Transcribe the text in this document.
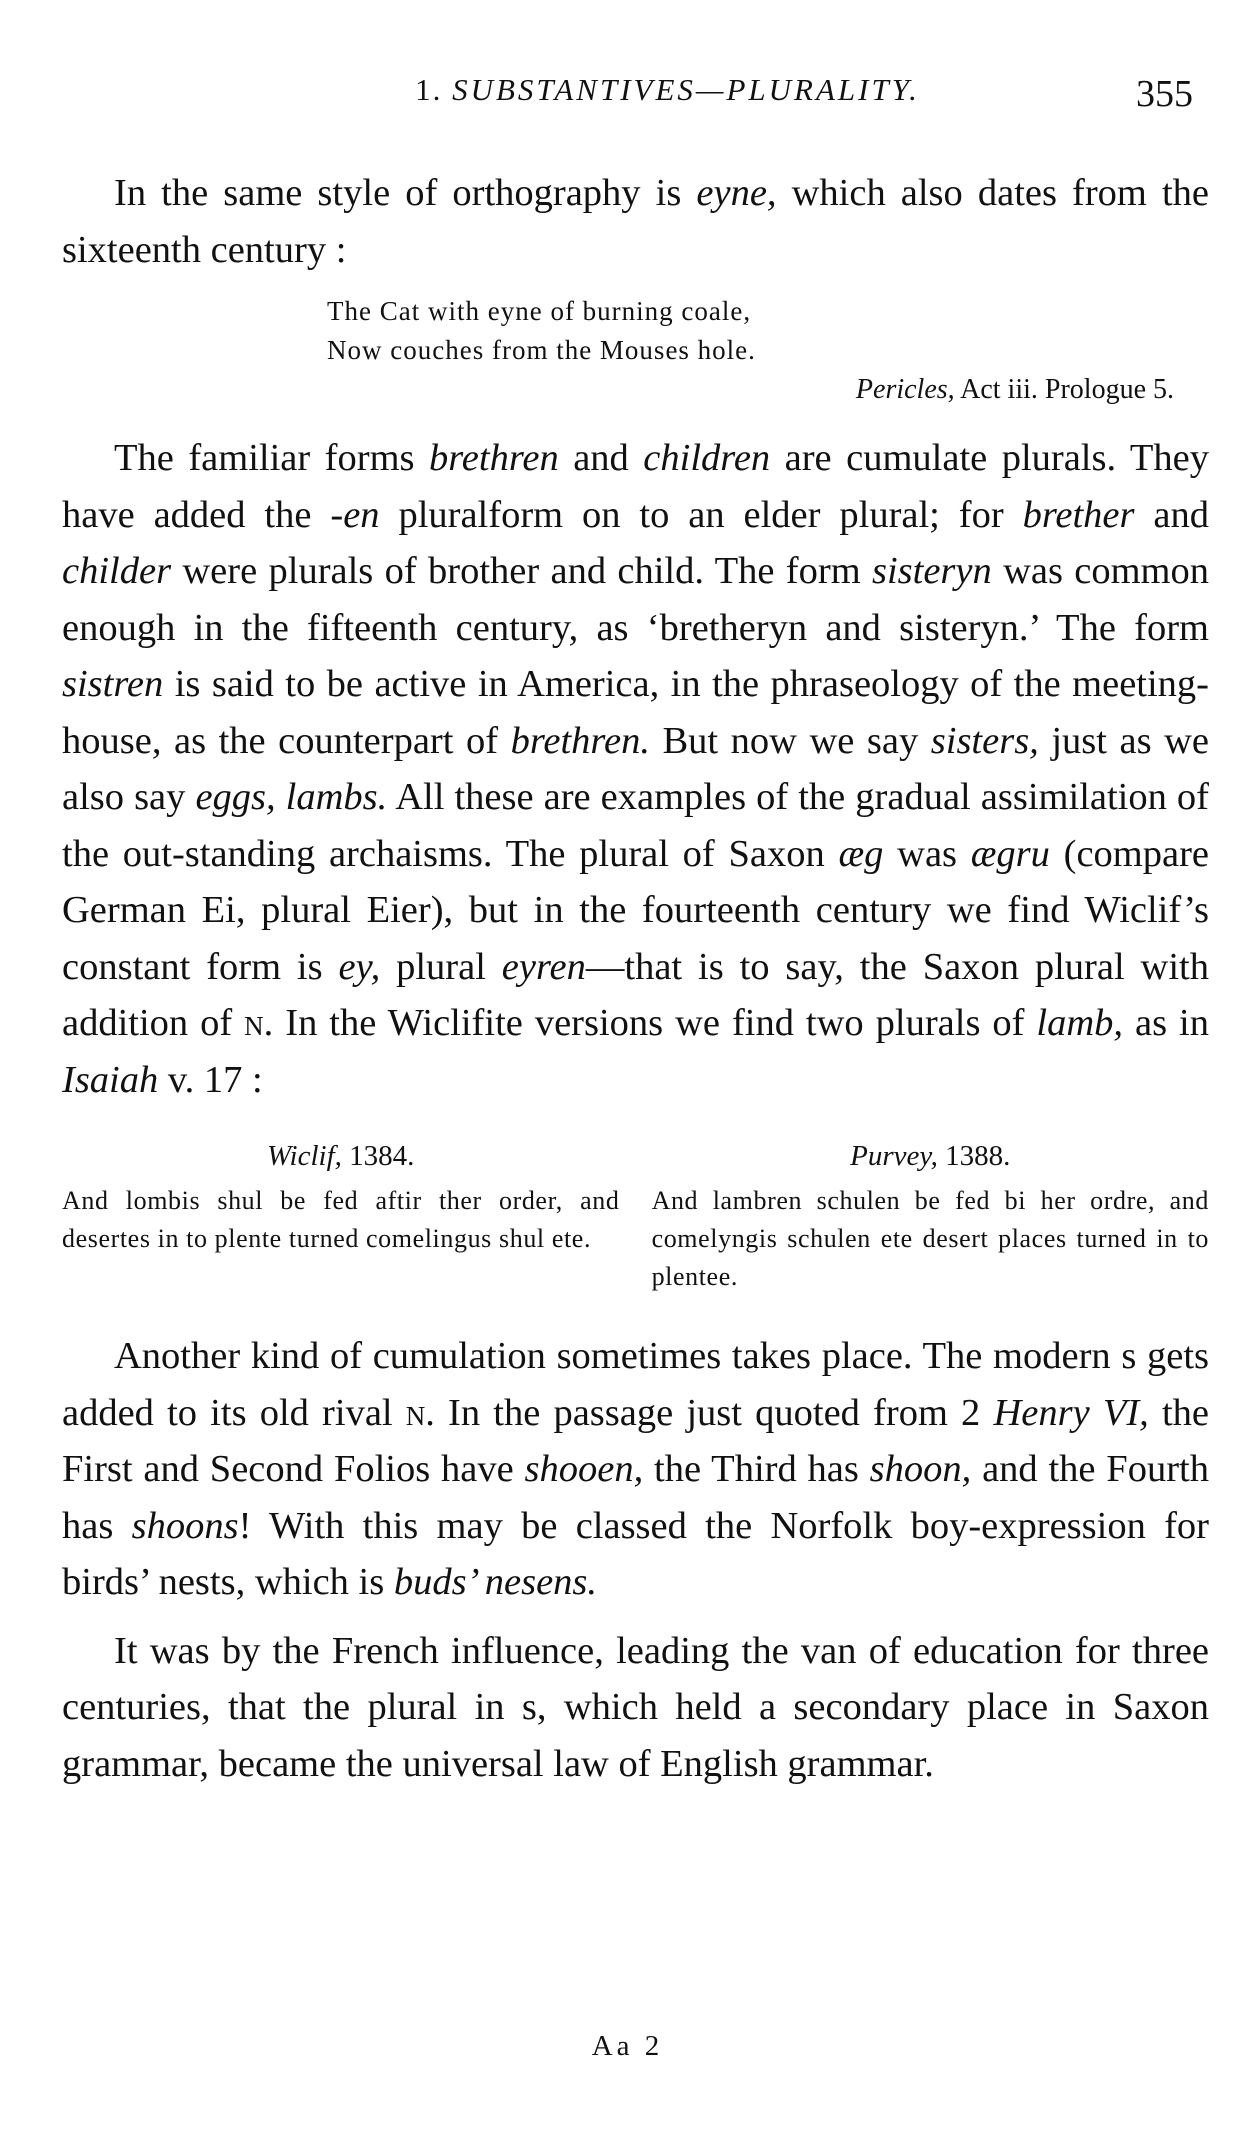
1. SUBSTANTIVES—PLURALITY.	355

In the same style of orthography is eyne, which also dates from the sixteenth century :

The Cat with eyne of burning coale,
Now couches from the Mouses hole.
Pericles, Act iii. Prologue 5.

The familiar forms brethren and children are cumulate plurals. They have added the -en pluralform on to an elder plural; for brether and childer were plurals of brother and child. The form sisteryn was common enough in the fifteenth century, as ‘bretheryn and sisteryn.’ The form sistren is said to be active in America, in the phraseology of the meeting-house, as the counterpart of brethren. But now we say sisters, just as we also say eggs, lambs. All these are examples of the gradual assimilation of the out-standing archaisms. The plural of Saxon æg was ægru (compare German Ei, plural Eier), but in the fourteenth century we find Wiclif’s constant form is ey, plural eyren—that is to say, the Saxon plural with addition of n. In the Wiclifite versions we find two plurals of lamb, as in Isaiah v. 17 :

Wiclif, 1384.
And lombis shul be fed aftir ther order, and desertes in to plente turned comelingus shul ete.
Purvey, 1388.
And lambren schulen be fed bi her ordre, and comelyngis schulen ete desert places turned in to plentee.

Another kind of cumulation sometimes takes place. The modern s gets added to its old rival n. In the passage just quoted from 2 Henry VI, the First and Second Folios have shooen, the Third has shoon, and the Fourth has shoons! With this may be classed the Norfolk boy-expression for birds’ nests, which is buds’ nesens.

It was by the French influence, leading the van of education for three centuries, that the plural in s, which held a secondary place in Saxon grammar, became the universal law of English grammar.

Aa 2
